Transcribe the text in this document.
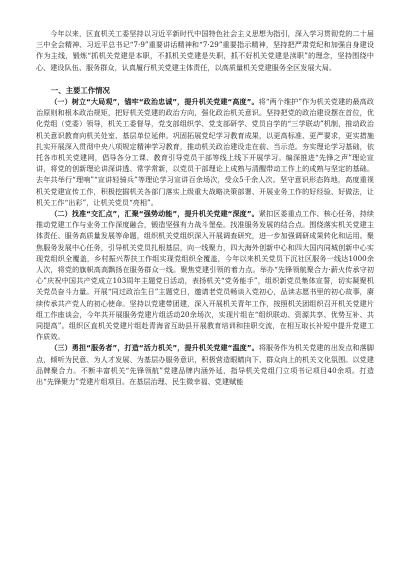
今年以来，区直机关工委坚持以习近平新时代中国特色社会主义思想为指引，深入学习贯彻党的二十届三中全会精神、习近平总书记“7·9”重要讲话精神和“7·29”重要指示精神，坚持把严肃党纪和加强自身建设作为主线，锻炼“抓机关党建是本职，不抓机关党建是失职，抓不好机关党建是渎职”的理念，坚持围绕中心、建设队伍、服务群众，认真履行机关党建主体责任，以高质量机关党建服务全区发展大局。

一、主要工作情况

（一）树立“大局观”，锚牢“政治忠诚”，提升机关党建“高度”。将“两个维护”作为机关党建的最高政治原则和根本政治规矩，把好机关党建的政治方向，强化政治机关意识。坚持把党的政治建设摆在首位，优化党组（党委）领导，机关工委督导，党支部组织学、党支部研学、党员自学的“三学联动”机制，推动政治机关意识教育向机关处室、基层单位延伸。巩固拓展党纪学习教育成果，以更高标准、更严要求，更实措施扎实开展深入贯彻中央八项规定精神学习教育，推动机关政治建设走在前、当示范。夯实理论学习基础，依托各市机关党建网，倡导各分工课、教育引导党员干部等线上线下开展学习。编深推进“先锋之声”理论宣讲，将党的创新理论讲深讲透、常学常新，以党员干部理论上成熟与清醒带动工作上的成熟与坚定的基础。去年共举行“理响”“宣讲轻骑兵”等理论学习宣讲百余场次，受众5千余人次。坚守意识形态阵地，高度重视机关党建宣传工作，积极挖掘机关各部门落实上级重大战略决策部署、开展业务工作的好经验、好做法，让机关工作“出彩”，让机关党员“亮相”。

（二）找准“交汇点”，汇聚“强势动能”，提升机关党建“深度”。紧扣区委重点工作、核心任务，持续推动党建工作与业务工作深度融合，锻造坚强有力战斗堡垒。找准服务发展的结合点。围绕落实机关党建主体责任、服务高质量发展等命题，组织机关党组织深入开展调查研究，进一步加强调研成果转化和运用。聚焦服务发展中心任务，引导机关党员扎根基层，向一线聚力，四大海外创新中心和四大国内同城创新中心实现党组织全覆盖，乡村振兴帮扶工作组实现党组织全覆盖，今年以来机关党员下沉社区服务一线达1000余人次，将党的旗帜高高飘扬在服务群众一线。聚焦党建引领的着力点。举办“先锋领航聚合力·薪火传承守初心”庆祝中国共产党成立103周年主题党日活动，表扬机关“党务能手”，组织新党员集体宣誓，切实凝聚机关党员奋斗力量。开展“同过政治生日”主题党日，邀请老党员畅谈入党初心，品读志愿书里的初心故事，赓续传承共产党人的初心使命。坚持以党建带团建，深入开展机关青年工作，按照机关团组织召开机关党建片组工作座谈会，今年共开展服务党建片组活动20余场次，实现片组在“组织联动、资源共享、优势互补、共同提高”。组织区直机关党建片组赴青海省互助县开展教育培训和挂职交流，在相互取长补短中提升党建工作质效。

（三）勇担“服务者”，打造“活力机关”，提升机关党建“温度”。将服务作为机关党建的出发点和落脚点，倾听为民意、为人才发展、为基层办服务意识，积极营造眼睛向下、群众向上的机关文化氛围。以党建品牌聚合力。不断丰富机关“先锋领航”党建品牌内涵外延，指导机关党组门立项书记项目40余项。打造出“先锋聚力”党建片组项目。在基层治理、民生微幸福、党建赋能
